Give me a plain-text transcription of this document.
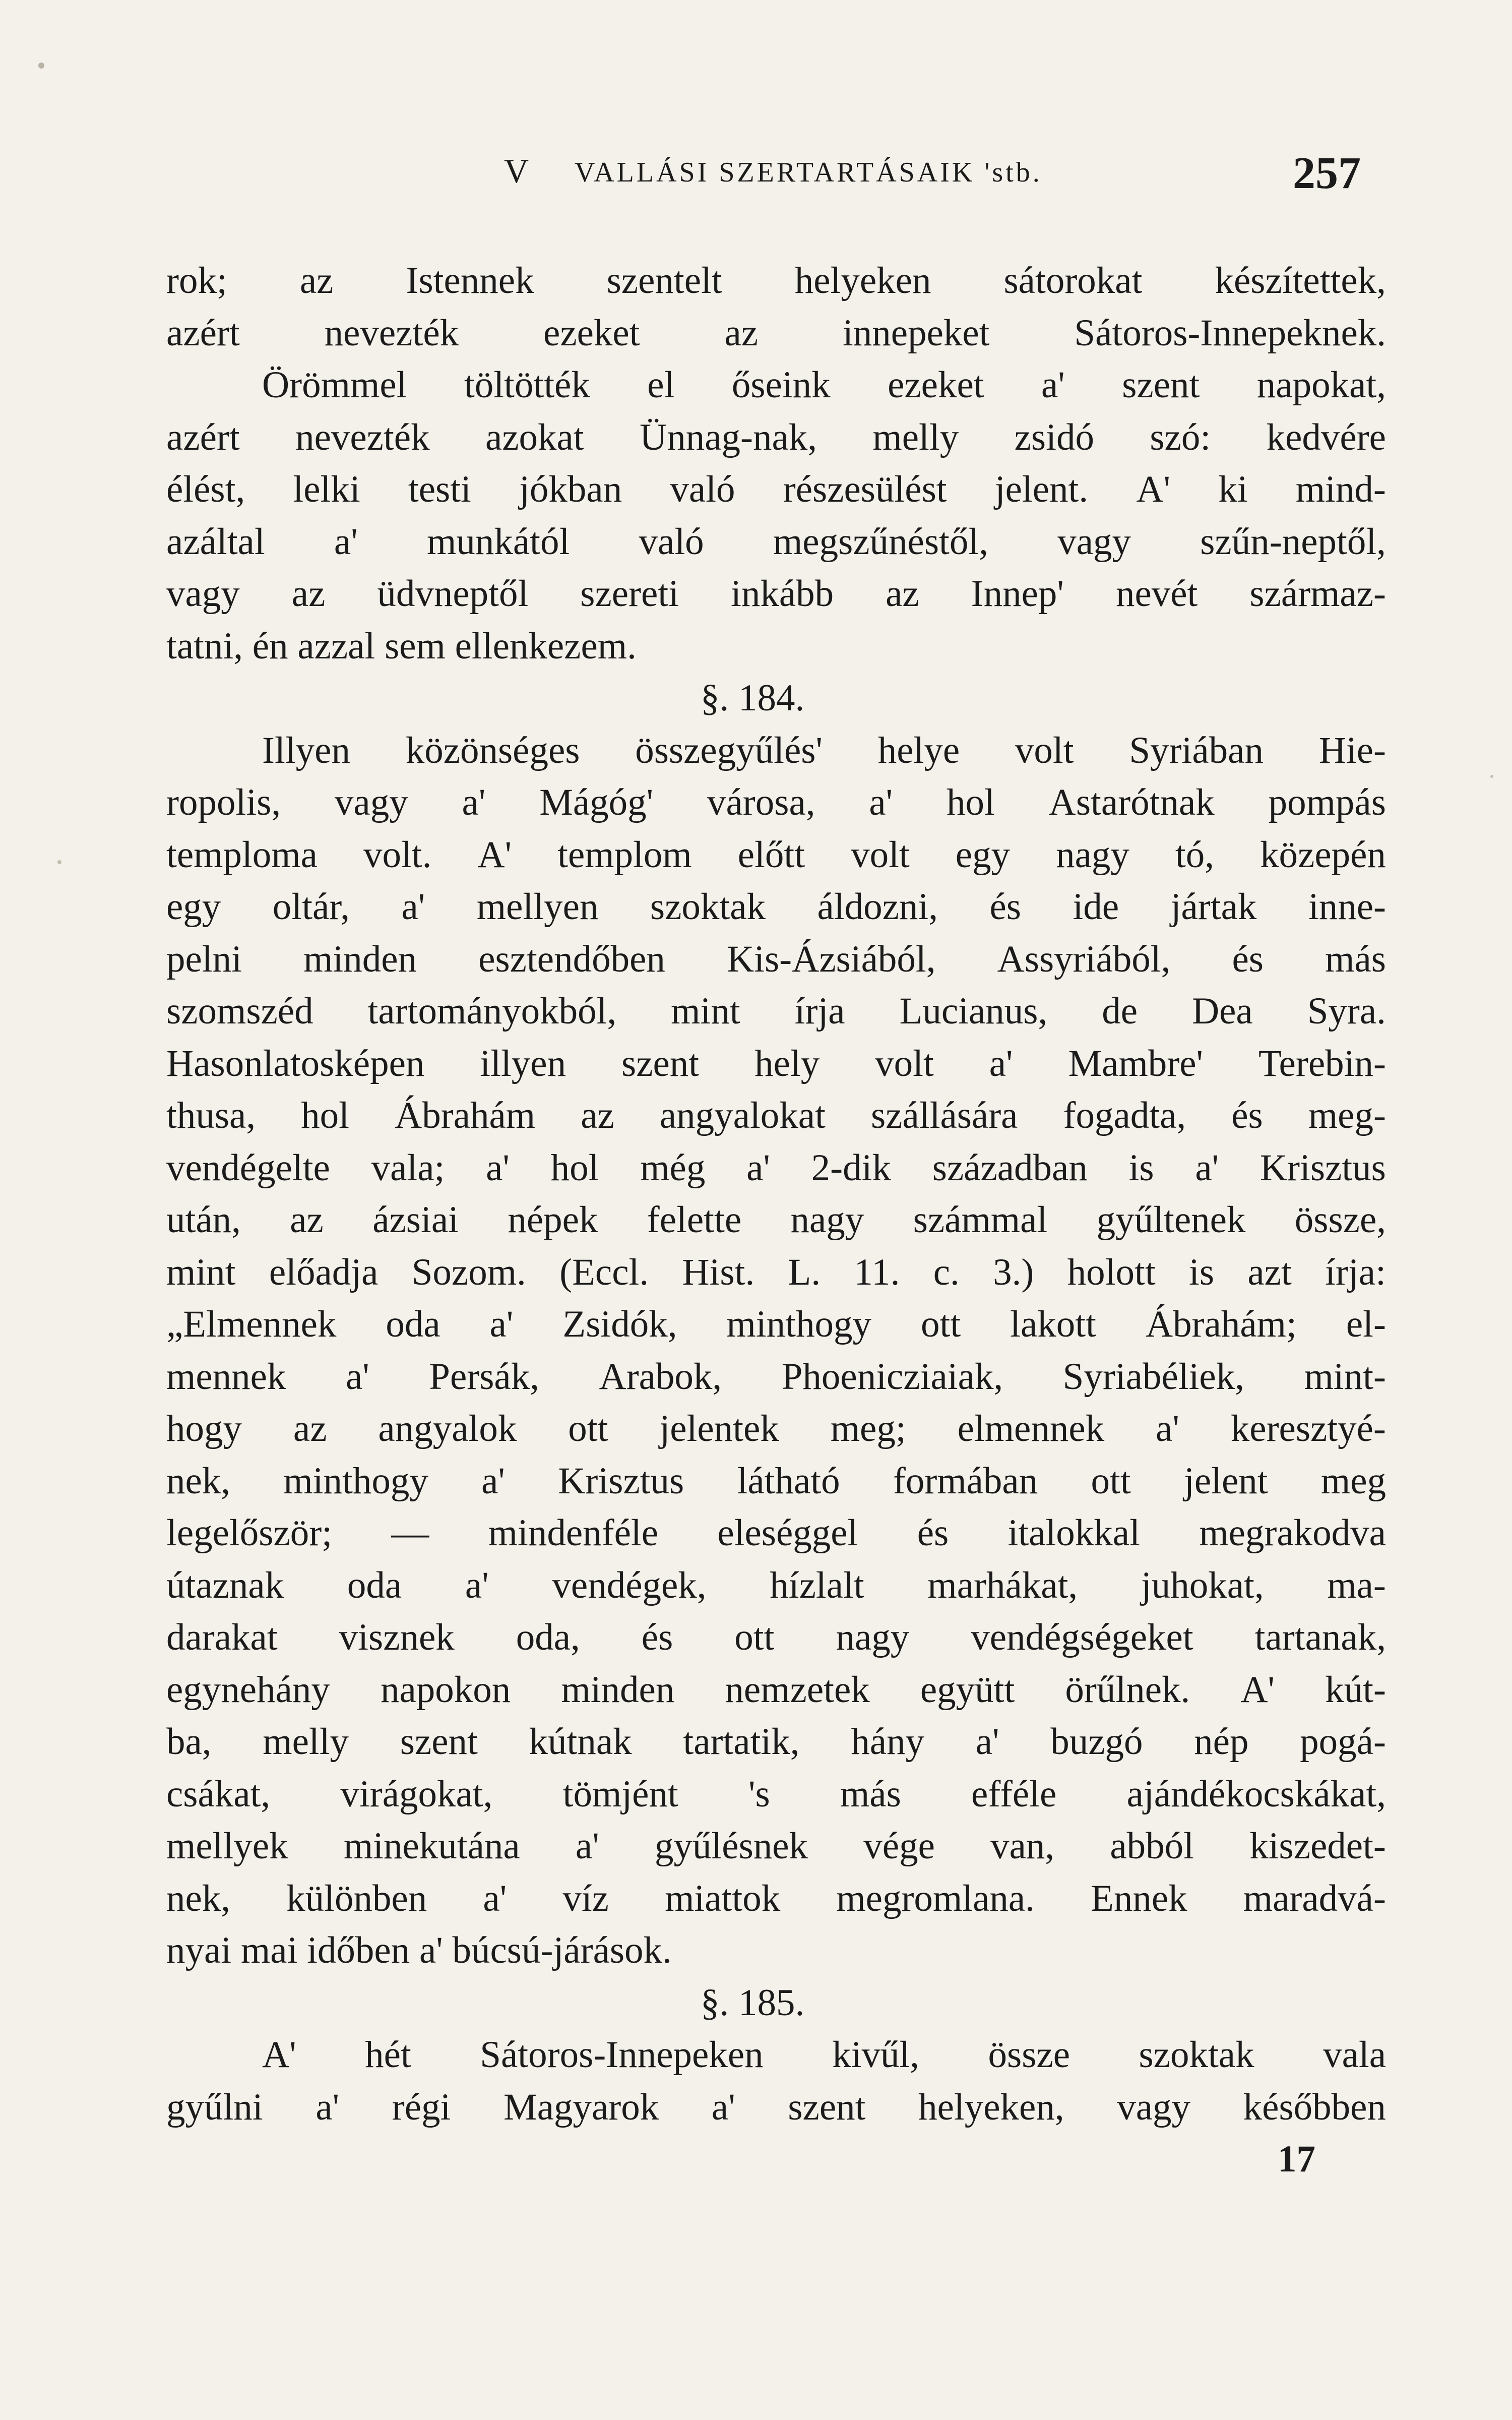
V VALLÁSI SZERTARTÁSAIK 'stb.	257
rok; az Istennek szentelt helyeken sátorokat készítettek,
azért nevezték ezeket az innepeket Sátoros-Innepeknek.
Örömmel töltötték el őseink ezeket a' szent napokat,
azért nevezték azokat Ünnag-nak, melly zsidó szó: kedvére
élést, lelki testi jókban való részesülést jelent. A' ki mind-
azáltal a' munkától való megszűnéstől, vagy szűn-neptől,
vagy az üdvneptől szereti inkább az Innep' nevét származ-
tatni, én azzal sem ellenkezem.
§. 184.
Illyen közönséges összegyűlés' helye volt Syriában Hie-
ropolis, vagy a' Mágóg' városa, a' hol Astarótnak pompás
temploma volt. A' templom előtt volt egy nagy tó, közepén
egy oltár, a' mellyen szoktak áldozni, és ide jártak inne-
pelni minden esztendőben Kis-Ázsiából, Assyriából, és más
szomszéd tartományokból, mint írja Lucianus, de Dea Syra.
Hasonlatosképen illyen szent hely volt a' Mambre' Terebin-
thusa, hol Ábrahám az angyalokat szállására fogadta, és meg-
vendégelte vala; a' hol még a' 2-dik században is a' Krisztus
után, az ázsiai népek felette nagy számmal gyűltenek össze,
mint előadja Sozom. (Eccl. Hist. L. 11. c. 3.) holott is azt írja:
„Elmennek oda a' Zsidók, minthogy ott lakott Ábrahám; el-
mennek a' Persák, Arabok, Phoenicziaiak, Syriabéliek, mint-
hogy az angyalok ott jelentek meg; elmennek a' keresztyé-
nek, minthogy a' Krisztus látható formában ott jelent meg
legelőször; — mindenféle eleséggel és italokkal megrakodva
útaznak oda a' vendégek, hízlalt marhákat, juhokat, ma-
darakat visznek oda, és ott nagy vendégségeket tartanak,
egynehány napokon minden nemzetek együtt örűlnek. A' kút-
ba, melly szent kútnak tartatik, hány a' buzgó nép pogá-
csákat, virágokat, tömjént 's más efféle ajándékocskákat,
mellyek minekutána a' gyűlésnek vége van, abból kiszedet-
nek, különben a' víz miattok megromlana. Ennek maradvá-
nyai mai időben a' búcsú-járások.
§. 185.
A' hét Sátoros-Innepeken kivűl, össze szoktak vala
gyűlni a' régi Magyarok a' szent helyeken, vagy későbben
17
